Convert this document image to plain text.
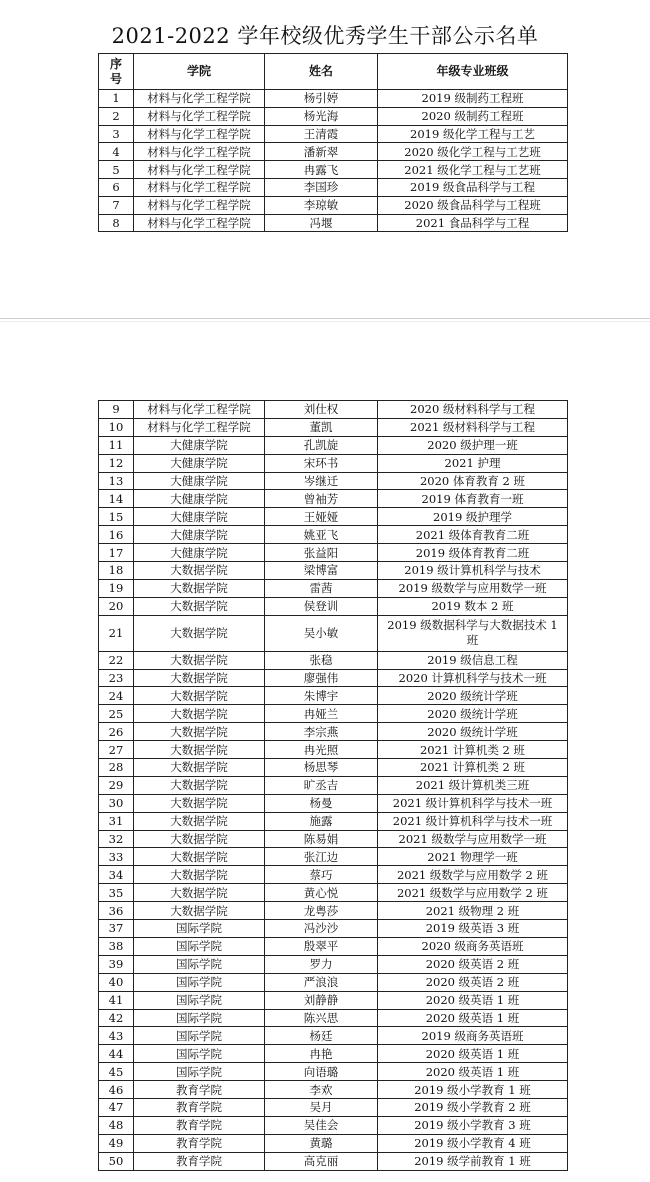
2021-2022 学年校级优秀学生干部公示名单
序号	学院	姓名	年级专业班级
1	材料与化学工程学院	杨引婷	2019 级制药工程班
2	材料与化学工程学院	杨光海	2020 级制药工程班
3	材料与化学工程学院	王清霞	2019 级化学工程与工艺
4	材料与化学工程学院	潘新翠	2020 级化学工程与工艺班
5	材料与化学工程学院	冉露飞	2021 级化学工程与工艺班
6	材料与化学工程学院	李国珍	2019 级食品科学与工程
7	材料与化学工程学院	李琼敏	2020 级食品科学与工程班
8	材料与化学工程学院	冯堰	2021 食品科学与工程
9	材料与化学工程学院	刘仕权	2020 级材料科学与工程
10	材料与化学工程学院	董凯	2021 级材料科学与工程
11	大健康学院	孔凯旋	2020 级护理一班
12	大健康学院	宋环书	2021 护理
13	大健康学院	岑继迁	2020 体育教育 2 班
14	大健康学院	曾袖芳	2019 体育教育一班
15	大健康学院	王娅娅	2019 级护理学
16	大健康学院	姚亚飞	2021 级体育教育二班
17	大健康学院	张益阳	2019 级体育教育二班
18	大数据学院	梁博富	2019 级计算机科学与技术
19	大数据学院	雷茜	2019 级数学与应用数学一班
20	大数据学院	侯登训	2019 数本 2 班
21	大数据学院	吴小敏	2019 级数据科学与大数据技术 1 班
22	大数据学院	张稳	2019 级信息工程
23	大数据学院	廖强伟	2020 计算机科学与技术一班
24	大数据学院	朱博宇	2020 级统计学班
25	大数据学院	冉娅兰	2020 级统计学班
26	大数据学院	李宗燕	2020 级统计学班
27	大数据学院	冉光照	2021 计算机类 2 班
28	大数据学院	杨思琴	2021 计算机类 2 班
29	大数据学院	旷丞吉	2021 级计算机类三班
30	大数据学院	杨曼	2021 级计算机科学与技术一班
31	大数据学院	施露	2021 级计算机科学与技术一班
32	大数据学院	陈易娟	2021 级数学与应用数学一班
33	大数据学院	张江边	2021 物理学一班
34	大数据学院	蔡巧	2021 级数学与应用数学 2 班
35	大数据学院	黄心悦	2021 级数学与应用数学 2 班
36	大数据学院	龙粤莎	2021 级物理 2 班
37	国际学院	冯沙沙	2019 级英语 3 班
38	国际学院	殷翠平	2020 级商务英语班
39	国际学院	罗力	2020 级英语 2 班
40	国际学院	严浪浪	2020 级英语 2 班
41	国际学院	刘静静	2020 级英语 1 班
42	国际学院	陈兴思	2020 级英语 1 班
43	国际学院	杨廷	2019 级商务英语班
44	国际学院	冉艳	2020 级英语 1 班
45	国际学院	向语璐	2020 级英语 1 班
46	教育学院	李欢	2019 级小学教育 1 班
47	教育学院	吴月	2019 级小学教育 2 班
48	教育学院	吴佳会	2019 级小学教育 3 班
49	教育学院	黄璐	2019 级小学教育 4 班
50	教育学院	高克丽	2019 级学前教育 1 班
